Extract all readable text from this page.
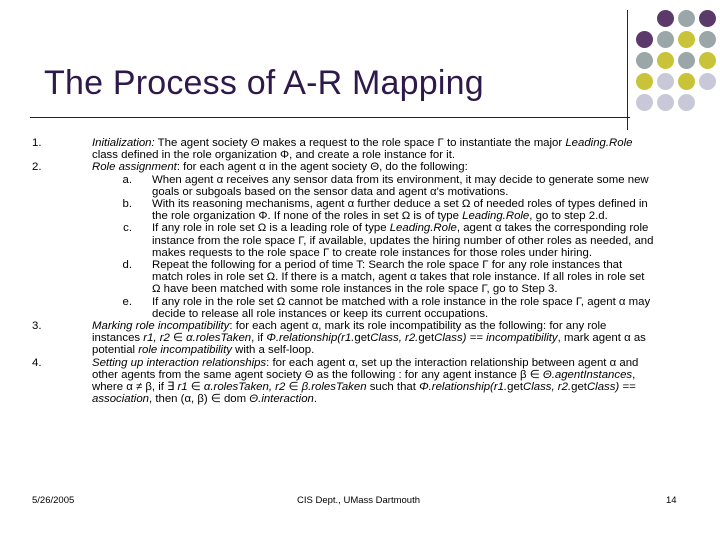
The Process of A-R Mapping
1.	Initialization: The agent society Θ makes a request to the role space Γ to instantiate the major Leading.Role class defined in the role organization Φ, and create a role instance for it.
2.	Role assignment: for each agent α in the agent society Θ, do the following:
a. When agent α receives any sensor data from its environment, it may decide to generate some new goals or subgoals based on the sensor data and agent α's motivations.
b. With its reasoning mechanisms, agent α further deduce a set Ω of needed roles of types defined in the role organization Φ. If none of the roles in set Ω is of type Leading.Role, go to step 2.d.
c. If any role in role set Ω is a leading role of type Leading.Role, agent α takes the corresponding role instance from the role space Γ, if available, updates the hiring number of other roles as needed, and makes requests to the role space Γ to create role instances for those roles under hiring.
d. Repeat the following for a period of time T: Search the role space Γ for any role instances that match roles in role set Ω. If there is a match, agent α takes that role instance. If all roles in role set Ω have been matched with some role instances in the role space Γ, go to Step 3.
e. If any role in the role set Ω cannot be matched with a role instance in the role space Γ, agent α may decide to release all role instances or keep its current occupations.
3.	Marking role incompatibility: for each agent α, mark its role incompatibility as the following: for any role instances r1, r2 ∈ α.rolesTaken, if Φ.relationship(r1.getClass, r2.getClass) == incompatibility, mark agent α as potential role incompatibility with a self-loop.
4.	Setting up interaction relationships: for each agent α, set up the interaction relationship between agent α and other agents from the same agent society Θ as the following : for any agent instance β ∈ Θ.agentInstances, where α ≠ β, if ∃ r1 ∈ α.rolesTaken, r2 ∈ β.rolesTaken such that Φ.relationship(r1.getClass, r2.getClass) == association, then (α, β) ∈ dom Θ.interaction.
5/26/2005	CIS Dept., UMass Dartmouth	14
